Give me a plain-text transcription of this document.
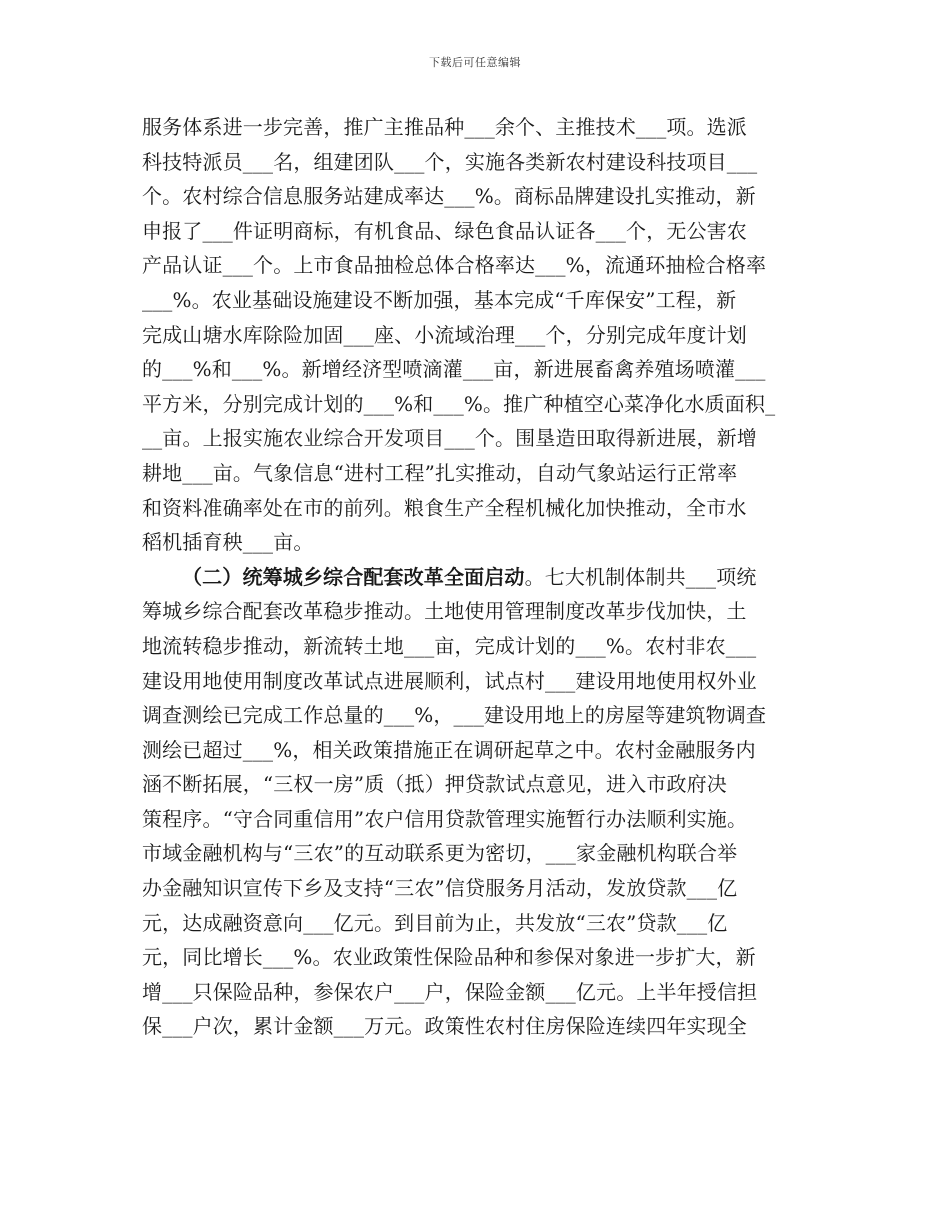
下载后可任意编辑
服务体系进一步完善，推广主推品种___余个、主推技术___项。选派
科技特派员___名，组建团队___个，实施各类新农村建设科技项目___
个。农村综合信息服务站建成率达___%。商标品牌建设扎实推动，新
申报了___件证明商标，有机食品、绿色食品认证各___个，无公害农
产品认证___个。上市食品抽检总体合格率达___%，流通环抽检合格率
___%。农业基础设施建设不断加强，基本完成“千库保安”工程，新
完成山塘水库除险加固___座、小流域治理___个，分别完成年度计划
的___%和___%。新增经济型喷滴灌___亩，新进展畜禽养殖场喷灌___
平方米，分别完成计划的___%和___%。推广种植空心菜净化水质面积_
__亩。上报实施农业综合开发项目___个。围垦造田取得新进展，新增
耕地___亩。气象信息“进村工程”扎实推动，自动气象站运行正常率
和资料准确率处在市的前列。粮食生产全程机械化加快推动，全市水
稻机插育秧___亩。
（二）统筹城乡综合配套改革全面启动。七大机制体制共___项统
筹城乡综合配套改革稳步推动。土地使用管理制度改革步伐加快，土
地流转稳步推动，新流转土地___亩，完成计划的___%。农村非农___
建设用地使用制度改革试点进展顺利，试点村___建设用地使用权外业
调查测绘已完成工作总量的___%，___建设用地上的房屋等建筑物调查
测绘已超过___%，相关政策措施正在调研起草之中。农村金融服务内
涵不断拓展，“三权一房”质（抵）押贷款试点意见，进入市政府决
策程序。“守合同重信用”农户信用贷款管理实施暂行办法顺利实施。
市域金融机构与“三农”的互动联系更为密切，___家金融机构联合举
办金融知识宣传下乡及支持“三农”信贷服务月活动，发放贷款___亿
元，达成融资意向___亿元。到目前为止，共发放“三农”贷款___亿
元，同比增长___%。农业政策性保险品种和参保对象进一步扩大，新
增___只保险品种，参保农户___户，保险金额___亿元。上半年授信担
保___户次，累计金额___万元。政策性农村住房保险连续四年实现全
